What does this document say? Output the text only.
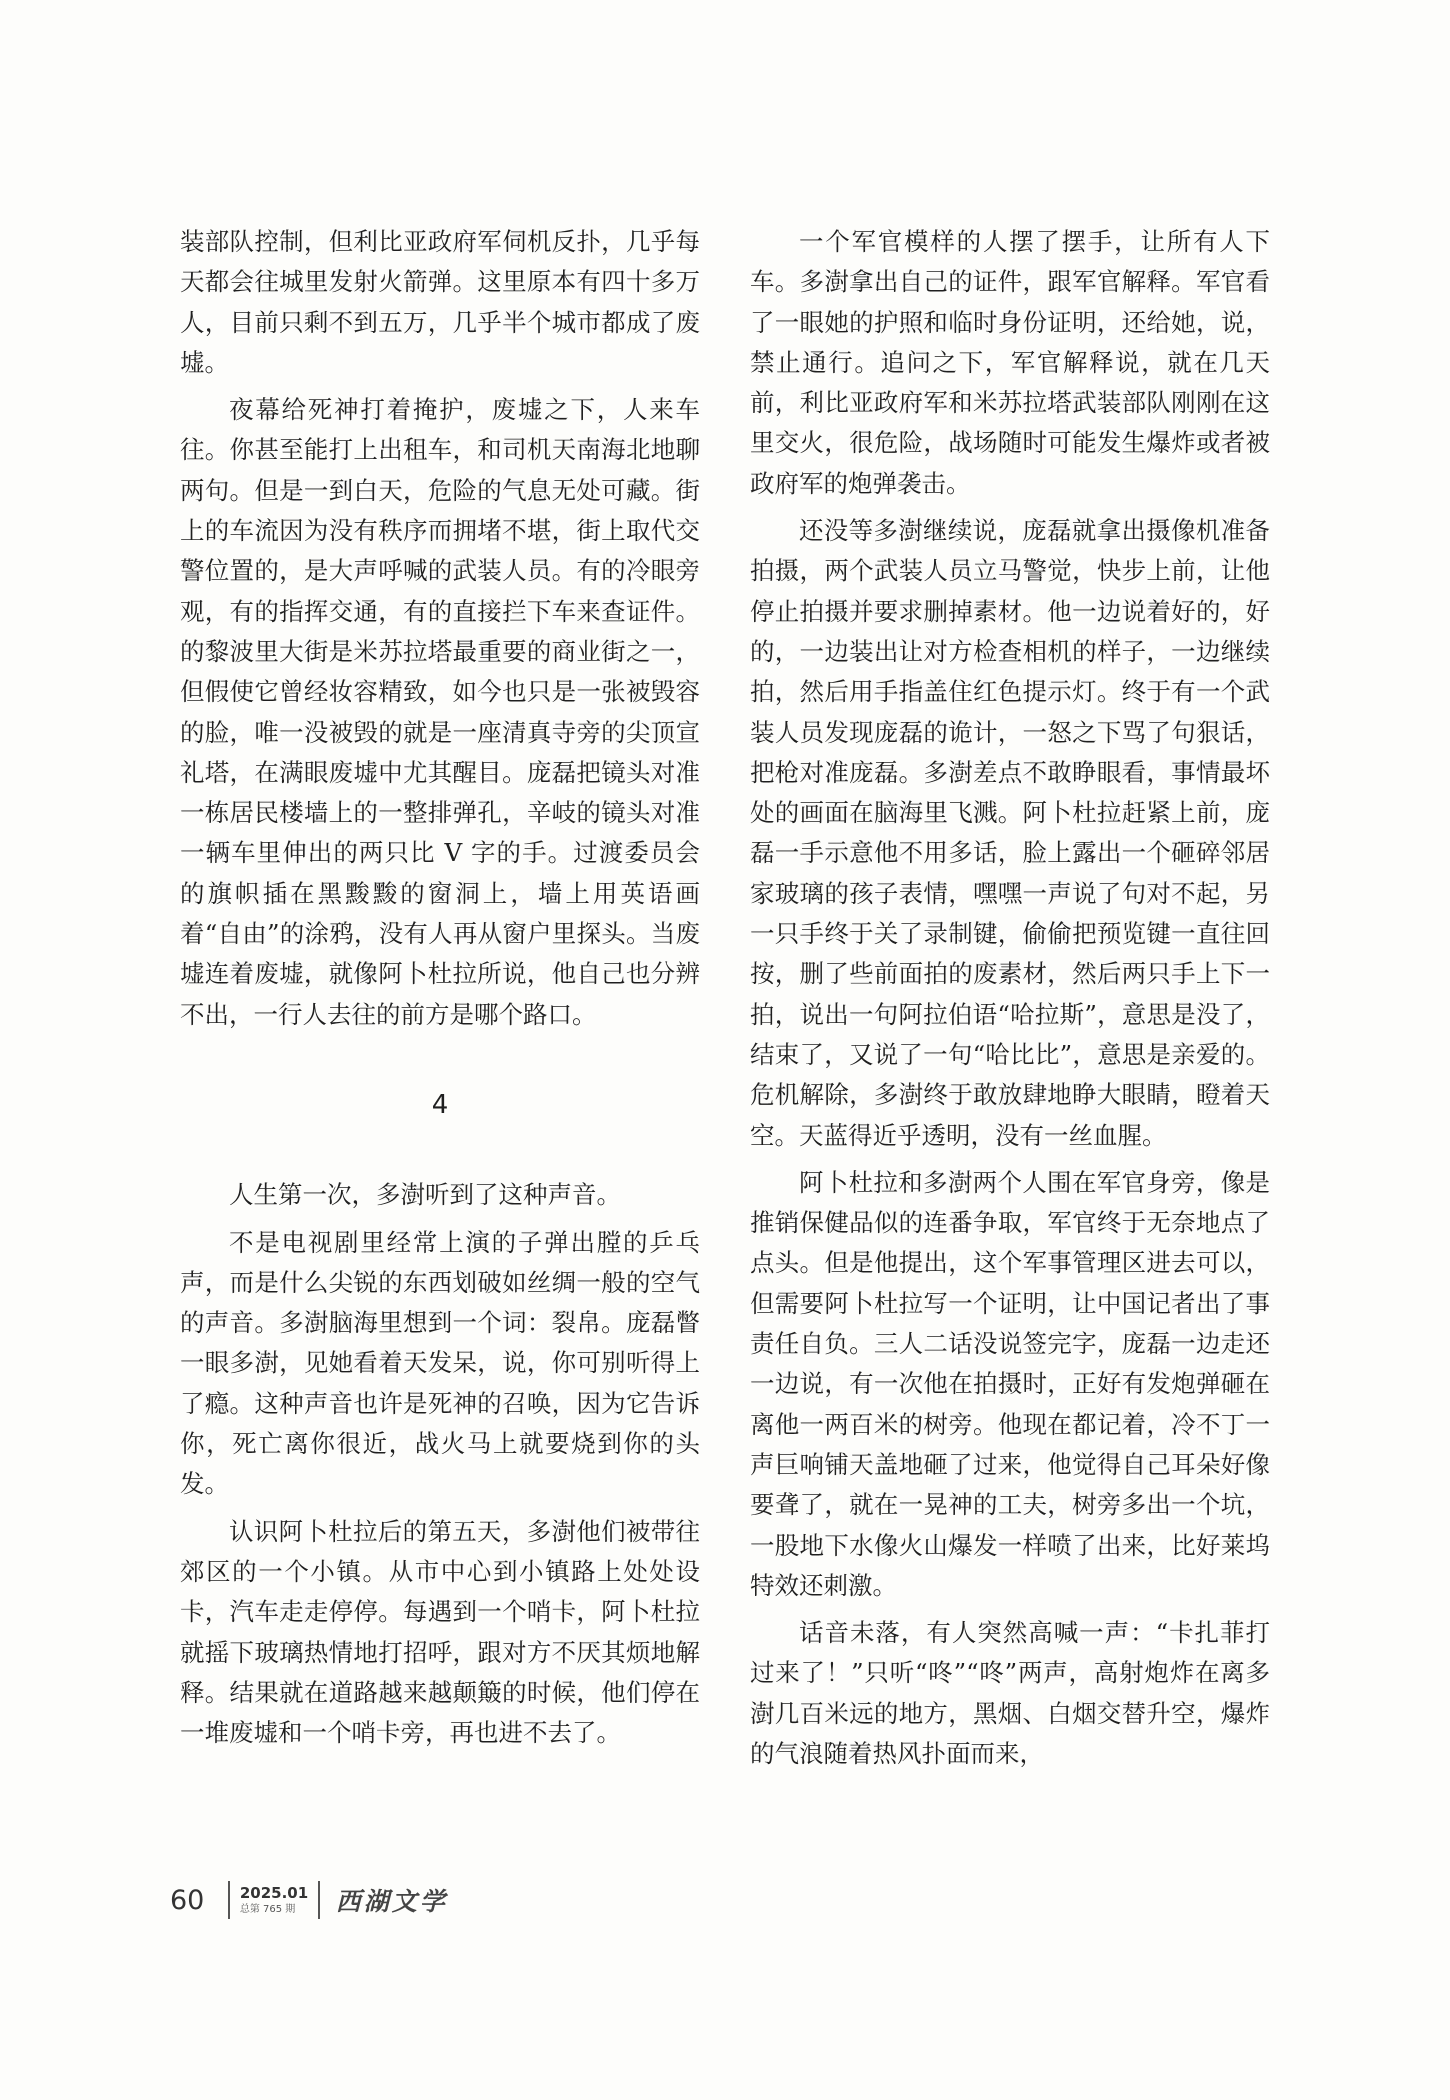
装部队控制，但利比亚政府军伺机反扑，几乎每天都会往城里发射火箭弹。这里原本有四十多万人，目前只剩不到五万，几乎半个城市都成了废墟。

夜幕给死神打着掩护，废墟之下，人来车往。你甚至能打上出租车，和司机天南海北地聊两句。但是一到白天，危险的气息无处可藏。街上的车流因为没有秩序而拥堵不堪，街上取代交警位置的，是大声呼喊的武装人员。有的冷眼旁观，有的指挥交通，有的直接拦下车来查证件。的黎波里大街是米苏拉塔最重要的商业街之一，但假使它曾经妆容精致，如今也只是一张被毁容的脸，唯一没被毁的就是一座清真寺旁的尖顶宣礼塔，在满眼废墟中尤其醒目。庞磊把镜头对准一栋居民楼墙上的一整排弹孔，辛岐的镜头对准一辆车里伸出的两只比 V 字的手。过渡委员会的旗帜插在黑黢黢的窗洞上，墙上用英语画着“自由”的涂鸦，没有人再从窗户里探头。当废墟连着废墟，就像阿卜杜拉所说，他自己也分辨不出，一行人去往的前方是哪个路口。

4

人生第一次，多澍听到了这种声音。

不是电视剧里经常上演的子弹出膛的乒乓声，而是什么尖锐的东西划破如丝绸一般的空气的声音。多澍脑海里想到一个词：裂帛。庞磊瞥一眼多澍，见她看着天发呆，说，你可别听得上了瘾。这种声音也许是死神的召唤，因为它告诉你，死亡离你很近，战火马上就要烧到你的头发。

认识阿卜杜拉后的第五天，多澍他们被带往郊区的一个小镇。从市中心到小镇路上处处设卡，汽车走走停停。每遇到一个哨卡，阿卜杜拉就摇下玻璃热情地打招呼，跟对方不厌其烦地解释。结果就在道路越来越颠簸的时候，他们停在一堆废墟和一个哨卡旁，再也进不去了。

一个军官模样的人摆了摆手，让所有人下车。多澍拿出自己的证件，跟军官解释。军官看了一眼她的护照和临时身份证明，还给她，说，禁止通行。追问之下，军官解释说，就在几天前，利比亚政府军和米苏拉塔武装部队刚刚在这里交火，很危险，战场随时可能发生爆炸或者被政府军的炮弹袭击。

还没等多澍继续说，庞磊就拿出摄像机准备拍摄，两个武装人员立马警觉，快步上前，让他停止拍摄并要求删掉素材。他一边说着好的，好的，一边装出让对方检查相机的样子，一边继续拍，然后用手指盖住红色提示灯。终于有一个武装人员发现庞磊的诡计，一怒之下骂了句狠话，把枪对准庞磊。多澍差点不敢睁眼看，事情最坏处的画面在脑海里飞溅。阿卜杜拉赶紧上前，庞磊一手示意他不用多话，脸上露出一个砸碎邻居家玻璃的孩子表情，嘿嘿一声说了句对不起，另一只手终于关了录制键，偷偷把预览键一直往回按，删了些前面拍的废素材，然后两只手上下一拍，说出一句阿拉伯语“哈拉斯”，意思是没了，结束了，又说了一句“哈比比”，意思是亲爱的。危机解除，多澍终于敢放肆地睁大眼睛，瞪着天空。天蓝得近乎透明，没有一丝血腥。

阿卜杜拉和多澍两个人围在军官身旁，像是推销保健品似的连番争取，军官终于无奈地点了点头。但是他提出，这个军事管理区进去可以，但需要阿卜杜拉写一个证明，让中国记者出了事责任自负。三人二话没说签完字，庞磊一边走还一边说，有一次他在拍摄时，正好有发炮弹砸在离他一两百米的树旁。他现在都记着，冷不丁一声巨响铺天盖地砸了过来，他觉得自己耳朵好像要聋了，就在一晃神的工夫，树旁多出一个坑，一股地下水像火山爆发一样喷了出来，比好莱坞特效还刺激。

话音未落，有人突然高喊一声：“卡扎菲打过来了！”只听“咚”“咚”两声，高射炮炸在离多澍几百米远的地方，黑烟、白烟交替升空，爆炸的气浪随着热风扑面而来，

60 2025.01
总第 765 期	西湖文学
